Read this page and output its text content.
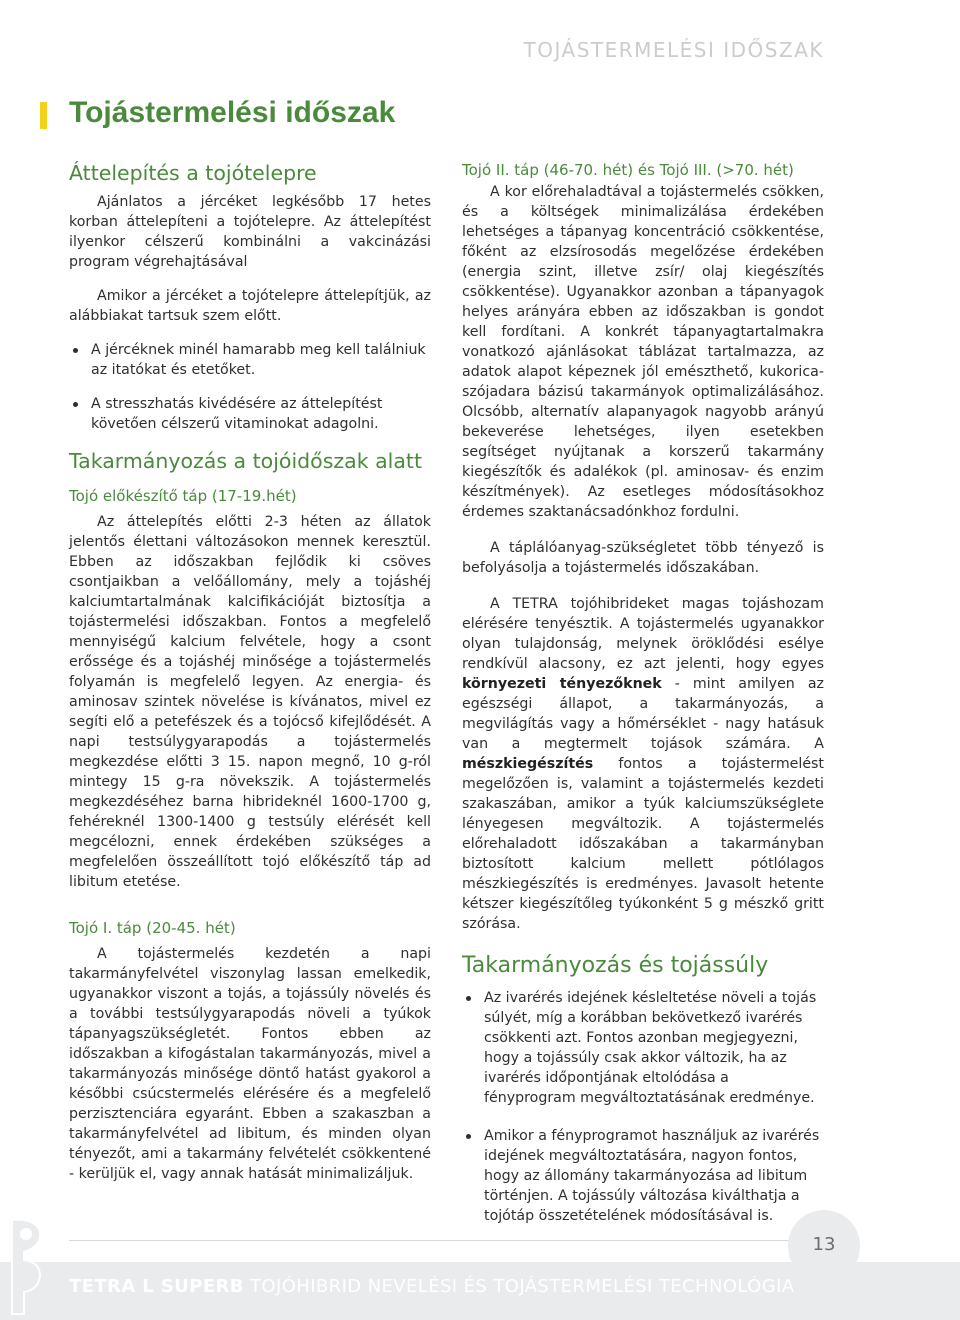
TOJÁSTERMELÉSI IDŐSZAK
Tojástermelési időszak
Áttelepítés a tojótelepre

Ajánlatos a jércéket legkésőbb 17 hetes korban áttelepíteni a tojótelepre. Az áttelepítést ilyenkor célszerű kombinálni a vakcinázási program végrehajtásával

Amikor a jércéket a tojótelepre áttelepítjük, az alábbiakat tartsuk szem előtt.

A jércéknek minél hamarabb meg kell találniuk az itatókat és etetőket.
A stresszhatás kivédésére az áttelepítést követően célszerű vitaminokat adagolni.
Takarmányozás a tojóidőszak alatt
Tojó előkészítő táp (17-19.hét)

Az áttelepítés előtti 2-3 héten az állatok jelentős élettani változásokon mennek keresztül. Ebben az időszakban fejlődik ki csöves csontjaikban a velőállomány, mely a tojáshéj kalciumtartalmának kalcifikációját biztosítja a tojástermelési időszakban. Fontos a megfelelő mennyiségű kalcium felvétele, hogy a csont erőssége és a tojáshéj minősége a tojástermelés folyamán is megfelelő legyen. Az energia- és aminosav szintek növelése is kívánatos, mivel ez segíti elő a petefészek és a tojócső kifejlődését. A napi testsúlygyarapodás a tojástermelés megkezdése előtti 3 15. napon megnő, 10 g-ról mintegy 15 g-ra növekszik. A tojástermelés megkezdéséhez barna hibrideknél 1600-1700 g, fehéreknél 1300-1400 g testsúly elérését kell megcélozni, ennek érdekében szükséges a megfelelően összeállított tojó előkészítő táp ad libitum etetése.

Tojó I. táp (20-45. hét)

A tojástermelés kezdetén a napi takarmányfelvétel viszonylag lassan emelkedik, ugyanakkor viszont a tojás, a tojássúly növelés és a további testsúlygyarapodás növeli a tyúkok tápanyagszükségletét. Fontos ebben az időszakban a kifogástalan takarmányozás, mivel a takarmányozás minősége döntő hatást gyakorol a későbbi csúcstermelés elérésére és a megfelelő perzisztenciára egyaránt. Ebben a szakaszban a takarmányfelvétel ad libitum, és minden olyan tényezőt, ami a takarmány felvételét csökkentené - kerüljük el, vagy annak hatását minimalizáljuk.

Tojó II. táp (46-70. hét) és Tojó III. (>70. hét)

A kor előrehaladtával a tojástermelés csökken, és a költségek minimalizálása érdekében lehetséges a tápanyag koncentráció csökkentése, főként az elzsírosodás megelőzése érdekében (energia szint, illetve zsír/ olaj kiegészítés csökkentése). Ugyanakkor azonban a tápanyagok helyes arányára ebben az időszakban is gondot kell fordítani. A konkrét tápanyagtartalmakra vonatkozó ajánlásokat táblázat tartalmazza, az adatok alapot képeznek jól emészthető, kukorica-szójadara bázisú takarmányok optimalizálásához. Olcsóbb, alternatív alapanyagok nagyobb arányú bekeverése lehetséges, ilyen esetekben segítséget nyújtanak a korszerű takarmány kiegészítők és adalékok (pl. aminosav- és enzim készítmények). Az esetleges módosításokhoz érdemes szaktanácsadónkhoz fordulni.

A táplálóanyag-szükségletet több tényező is befolyásolja a tojástermelés időszakában.

A TETRA tojóhibrideket magas tojáshozam elérésére tenyésztik. A tojástermelés ugyanakkor olyan tulajdonság, melynek öröklődési esélye rendkívül alacsony, ez azt jelenti, hogy egyes környezeti tényezőknek - mint amilyen az egészségi állapot, a takarmányozás, a megvilágítás vagy a hőmérséklet - nagy hatásuk van a megtermelt tojások számára. A mészkiegészítés fontos a tojástermelést megelőzően is, valamint a tojástermelés kezdeti szakaszában, amikor a tyúk kalciumszükséglete lényegesen megváltozik. A tojástermelés előrehaladott időszakában a takarmányban biztosított kalcium mellett pótlólagos mészkiegészítés is eredményes. Javasolt hetente kétszer kiegészítőleg tyúkonként 5 g mészkő gritt szórása.

Takarmányozás és tojássúly
Az ivarérés idejének késleltetése növeli a tojás súlyét, míg a korábban bekövetkező ivarérés csökkenti azt. Fontos azonban megjegyezni, hogy a tojássúly csak akkor változik, ha az ivarérés időpontjának eltolódása a fényprogram megváltoztatásának eredménye.
Amikor a fényprogramot használjuk az ivarérés idejének megváltoztatására, nagyon fontos, hogy az állomány takarmányozása ad libitum történjen. A tojássúly változása kiválthatja a tojótáp összetételének módosításával is.
13
TETRA L SUPERB TOJÓHIBRID NEVELÉSI ÉS TOJÁSTERMELÉSI TECHNOLÓGIA
